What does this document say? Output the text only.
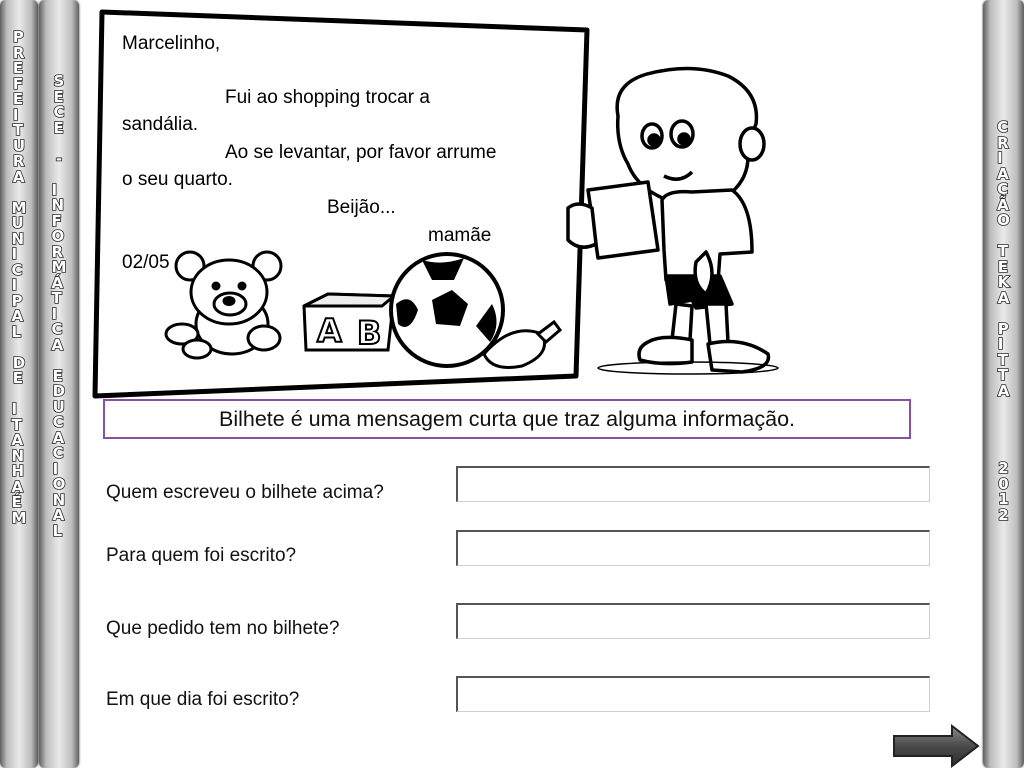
P
R
E
F
E
I
T
U
R
A
M
U
N
I
C
I
P
A
L
D
E
I
T
A
N
H
A
É
M
S
E
C
E
-
I
N
F
O
R
M
Á
T
I
C
A
E
D
U
C
A
C
I
O
N
A
L
C
R
I
A
Ç
Ã
O
T
E
K
A
P
I
T
T
A
2
0
1
2
A B
Marcelinho,
Fui ao shopping trocar a
sandália.
Ao se levantar, por favor arrume
o seu quarto.
Beijão...
mamãe
02/05
Bilhete é uma mensagem curta que traz alguma informação.
Quem escreveu o bilhete acima?
Para quem foi escrito?
Que pedido tem no bilhete?
Em que dia foi escrito?
